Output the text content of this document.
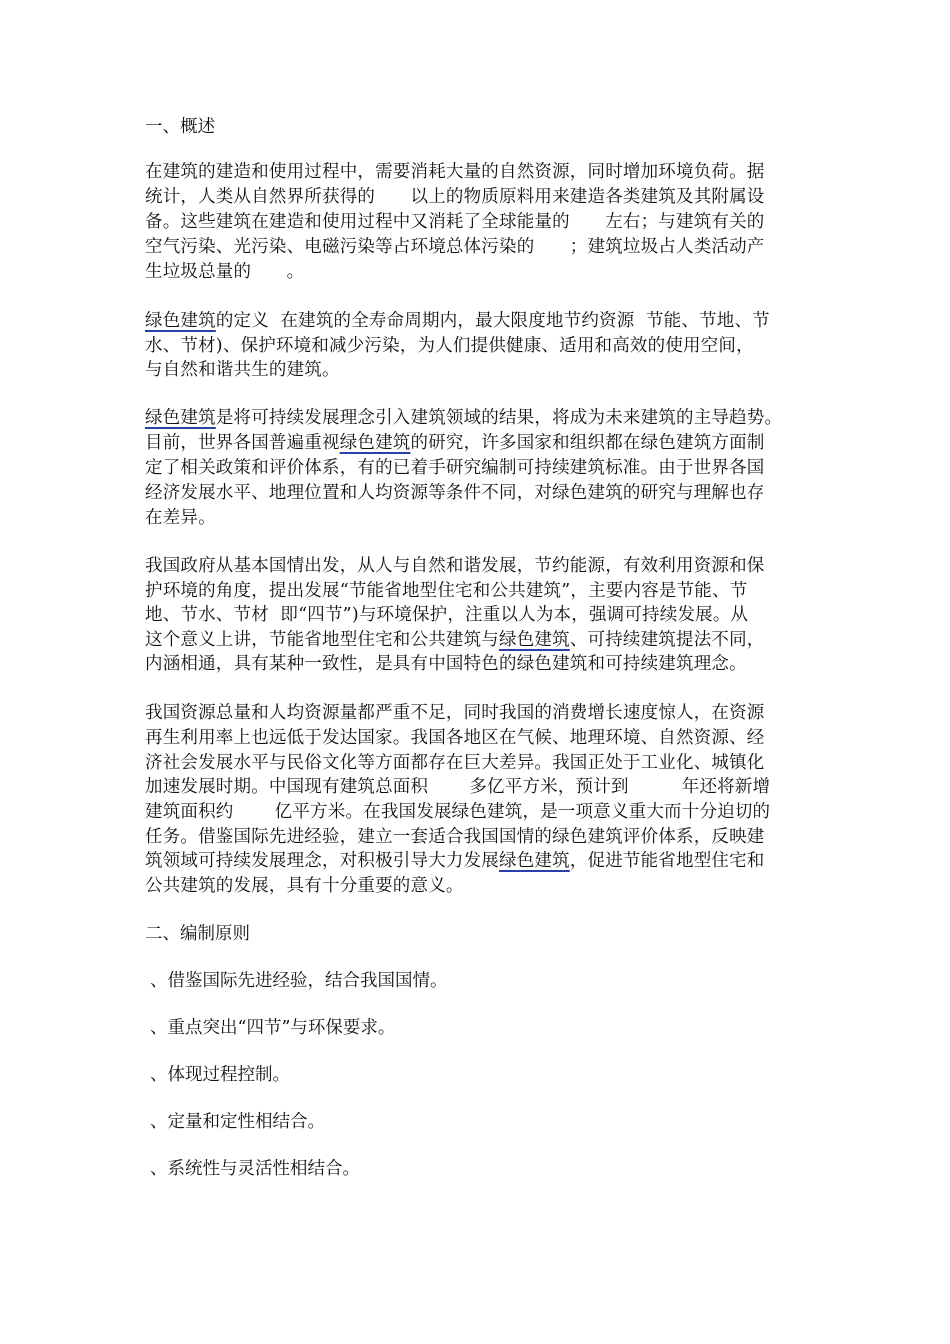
一、概述
在建筑的建造和使用过程中，需要消耗大量的自然资源，同时增加环境负荷。据
统计，人类从自然界所获得的　　以上的物质原料用来建造各类建筑及其附属设
备。这些建筑在建造和使用过程中又消耗了全球能量的　　左右；与建筑有关的
空气污染、光污染、电磁污染等占环境总体污染的　　；建筑垃圾占人类活动产
生垃圾总量的　　。
绿色建筑的定义  在建筑的全寿命周期内，最大限度地节约资源  节能、节地、节
水、节材)、保护环境和减少污染，为人们提供健康、适用和高效的使用空间，
与自然和谐共生的建筑。
绿色建筑是将可持续发展理念引入建筑领域的结果，将成为未来建筑的主导趋势。
目前，世界各国普遍重视绿色建筑的研究，许多国家和组织都在绿色建筑方面制
定了相关政策和评价体系，有的已着手研究编制可持续建筑标准。由于世界各国
经济发展水平、地理位置和人均资源等条件不同，对绿色建筑的研究与理解也存
在差异。
我国政府从基本国情出发，从人与自然和谐发展，节约能源，有效利用资源和保
护环境的角度，提出发展“节能省地型住宅和公共建筑”，主要内容是节能、节
地、节水、节材  即“四节”)与环境保护，注重以人为本，强调可持续发展。从
这个意义上讲，节能省地型住宅和公共建筑与绿色建筑、可持续建筑提法不同，
内涵相通，具有某种一致性，是具有中国特色的绿色建筑和可持续建筑理念。
我国资源总量和人均资源量都严重不足，同时我国的消费增长速度惊人，在资源
再生利用率上也远低于发达国家。我国各地区在气候、地理环境、自然资源、经
济社会发展水平与民俗文化等方面都存在巨大差异。我国正处于工业化、城镇化
加速发展时期。中国现有建筑总面积　　 多亿平方米，预计到　　　年还将新增
建筑面积约　　 亿平方米。在我国发展绿色建筑，是一项意义重大而十分迫切的
任务。借鉴国际先进经验，建立一套适合我国国情的绿色建筑评价体系，反映建
筑领域可持续发展理念，对积极引导大力发展绿色建筑，促进节能省地型住宅和
公共建筑的发展，具有十分重要的意义。
二、编制原则
、借鉴国际先进经验，结合我国国情。
、重点突出“四节”与环保要求。
、体现过程控制。
、定量和定性相结合。
、系统性与灵活性相结合。
